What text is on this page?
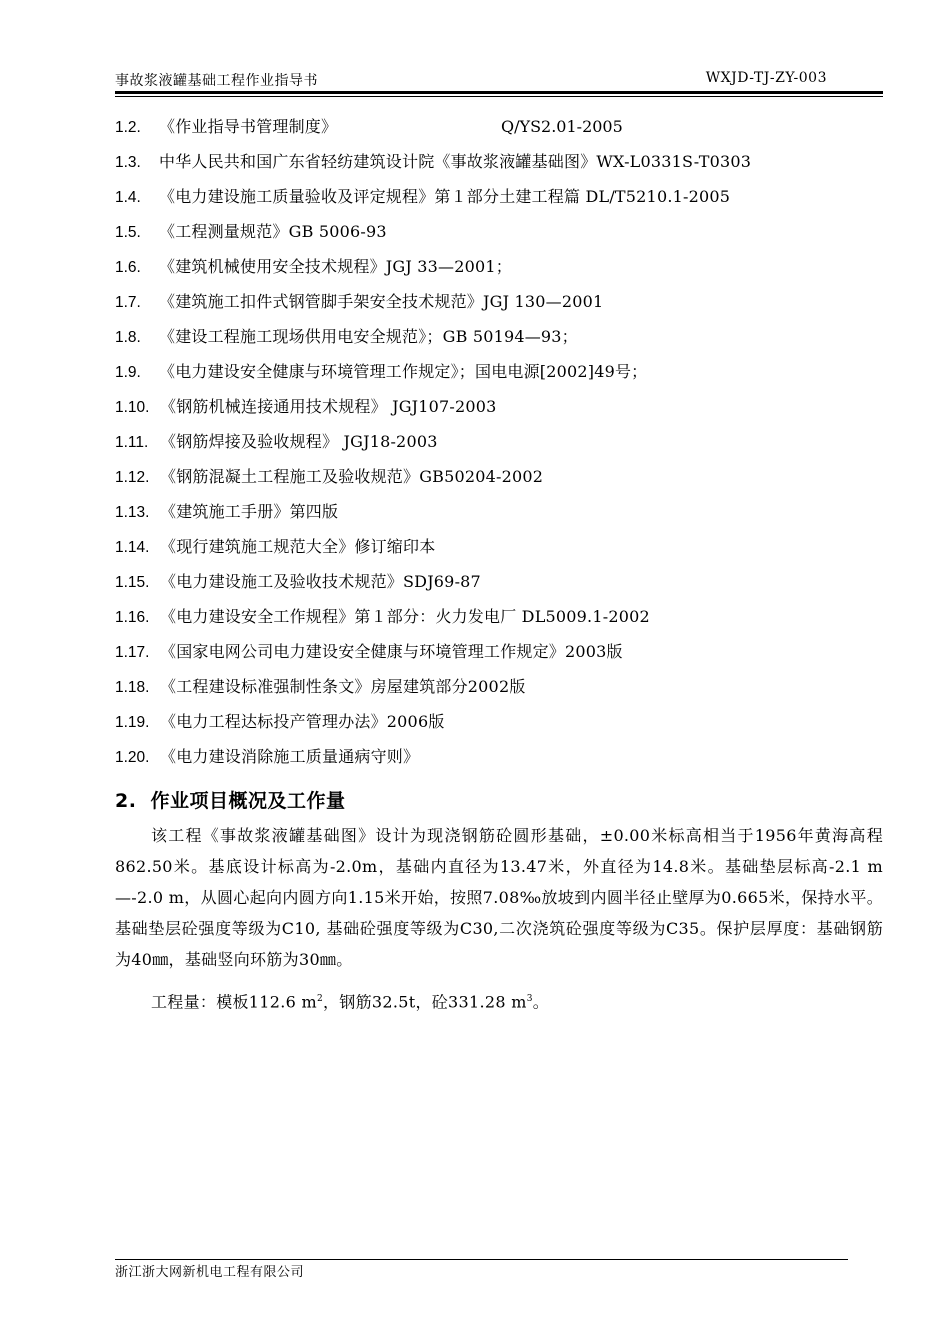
事故浆液罐基础工程作业指导书	WXJD-TJ-ZY-003
1.2. 《作业指导书管理制度》	Q/YS2.01-2005
1.3. 中华人民共和国广东省轻纺建筑设计院《事故浆液罐基础图》WX-L0331S-T0303
1.4. 《电力建设施工质量验收及评定规程》第１部分土建工程篇 DL/T5210.1-2005
1.5. 《工程测量规范》GB 5006-93
1.6. 《建筑机械使用安全技术规程》JGJ 33—2001；
1.7. 《建筑施工扣件式钢管脚手架安全技术规范》JGJ 130—2001
1.8. 《建设工程施工现场供用电安全规范》；GB 50194—93；
1.9. 《电力建设安全健康与环境管理工作规定》；国电电源[2002]49号；
1.10. 《钢筋机械连接通用技术规程》 JGJ107-2003
1.11. 《钢筋焊接及验收规程》 JGJ18-2003
1.12. 《钢筋混凝土工程施工及验收规范》GB50204-2002
1.13. 《建筑施工手册》第四版
1.14. 《现行建筑施工规范大全》修订缩印本
1.15. 《电力建设施工及验收技术规范》SDJ69-87
1.16. 《电力建设安全工作规程》第１部分：火力发电厂 DL5009.1-2002
1.17. 《国家电网公司电力建设安全健康与环境管理工作规定》2003版
1.18. 《工程建设标准强制性条文》房屋建筑部分2002版
1.19. 《电力工程达标投产管理办法》2006版
1.20. 《电力建设消除施工质量通病守则》
2. 作业项目概况及工作量

该工程《事故浆液罐基础图》设计为现浇钢筋砼圆形基础，±0.00米标高相当于1956年黄海高程862.50米。基底设计标高为-2.0m，基础内直径为13.47米，外直径为14.8米。基础垫层标高-2.1 m—-2.0 m，从圆心起向内圆方向1.15米开始，按照7.08‰放坡到内圆半径止壁厚为0.665米，保持水平。基础垫层砼强度等级为C10, 基础砼强度等级为C30,二次浇筑砼强度等级为C35。保护层厚度：基础钢筋为40㎜，基础竖向环筋为30㎜。

工程量：模板112.6 $m^2$，钢筋32.5t，砼331.28 $m^3$。

浙江浙大网新机电工程有限公司
